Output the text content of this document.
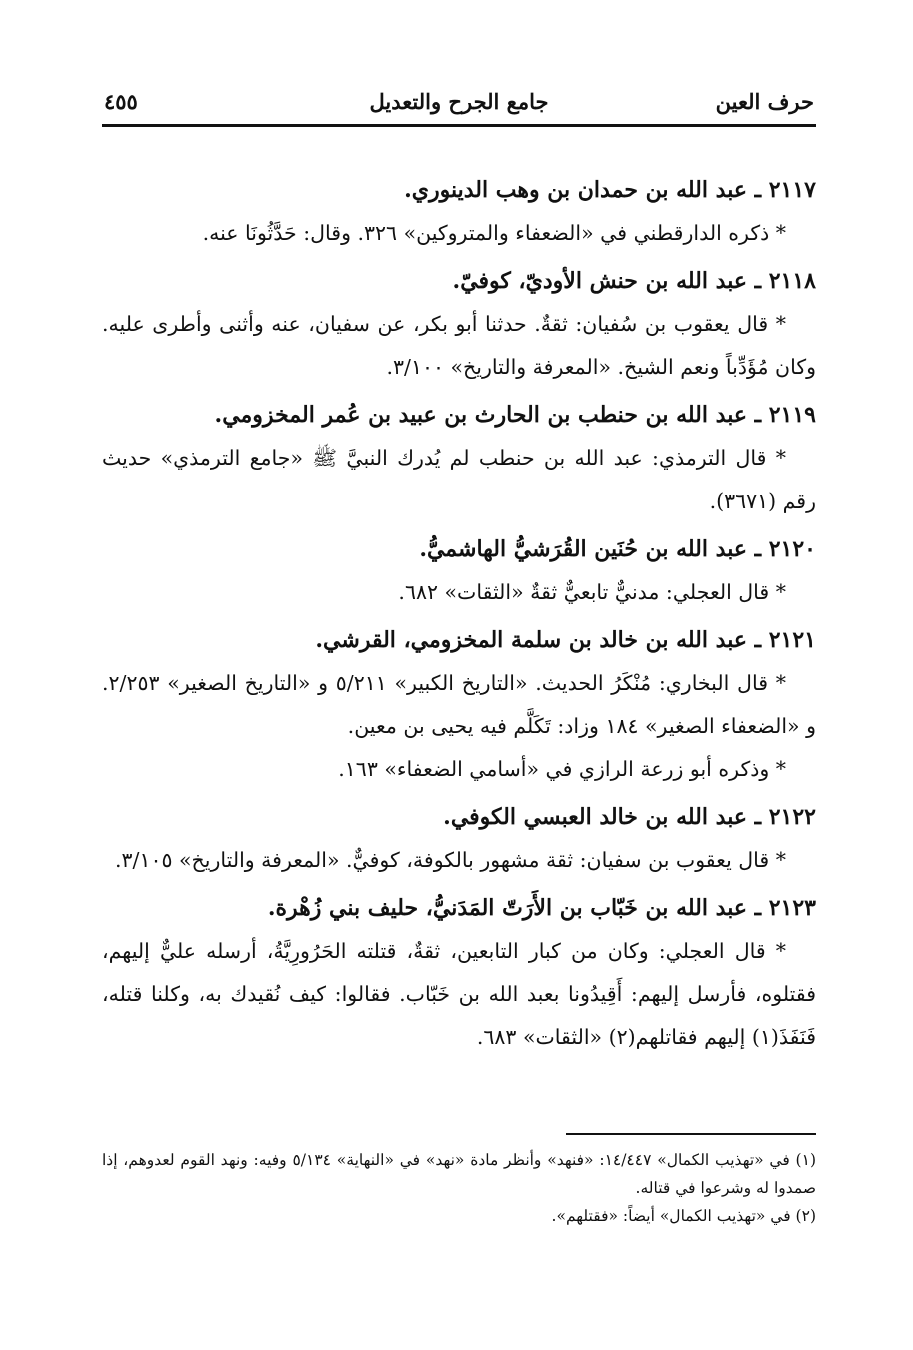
حرف العين
جامع الجرح والتعديل
٤٥٥
٢١١٧ ـ عبد الله بن حمدان بن وهب الدينوري.
* ذكره الدارقطني في «الضعفاء والمتروكين» ٣٢٦. وقال: حَدَّثُونَا عنه.
٢١١٨ ـ عبد الله بن حنش الأوديّ، كوفيّ.
* قال يعقوب بن سُفيان: ثقةٌ. حدثنا أبو بكر، عن سفيان، عنه وأثنى وأطرى عليه. وكان مُؤَدِّباً ونعم الشيخ. «المعرفة والتاريخ» ٣/١٠٠.
٢١١٩ ـ عبد الله بن حنطب بن الحارث بن عبيد بن عُمر المخزومي.
* قال الترمذي: عبد الله بن حنطب لم يُدرك النبيَّ ﷺ «جامع الترمذي» حديث رقم (٣٦٧١).
٢١٢٠ ـ عبد الله بن حُنَين القُرَشيُّ الهاشميُّ.
* قال العجلي: مدنيٌّ تابعيٌّ ثقةٌ «الثقات» ٦٨٢.
٢١٢١ ـ عبد الله بن خالد بن سلمة المخزومي، القرشي.
* قال البخاري: مُنْكَرُ الحديث. «التاريخ الكبير» ٥/٢١١ و «التاريخ الصغير» ٢/٢٥٣. و «الضعفاء الصغير» ١٨٤ وزاد: تَكَلَّم فيه يحيى بن معين.
* وذكره أبو زرعة الرازي في «أسامي الضعفاء» ١٦٣.
٢١٢٢ ـ عبد الله بن خالد العبسي الكوفي.
* قال يعقوب بن سفيان: ثقة مشهور بالكوفة، كوفيٌّ. «المعرفة والتاريخ» ٣/١٠٥.
٢١٢٣ ـ عبد الله بن خَبّاب بن الأَرَتّ المَدَنيُّ، حليف بني زُهْرة.
* قال العجلي: وكان من كبار التابعين، ثقةٌ، قتلته الحَرُورِيَّةُ، أرسله عليٌّ إليهم، فقتلوه، فأرسل إليهم: أَقِيدُونا بعبد الله بن خَبّاب. فقالوا: كيف نُقيدك به، وكلنا قتله، فَنَفَذَ(١) إليهم فقاتلهم(٢) «الثقات» ٦٨٣.
(١) في «تهذيب الكمال» ١٤/٤٤٧: «فنهد» وأنظر مادة «نهد» في «النهاية» ٥/١٣٤ وفيه: ونهد القوم لعدوهم، إذا صمدوا له وشرعوا في قتاله.
(٢) في «تهذيب الكمال» أيضاً: «فقتلهم».
